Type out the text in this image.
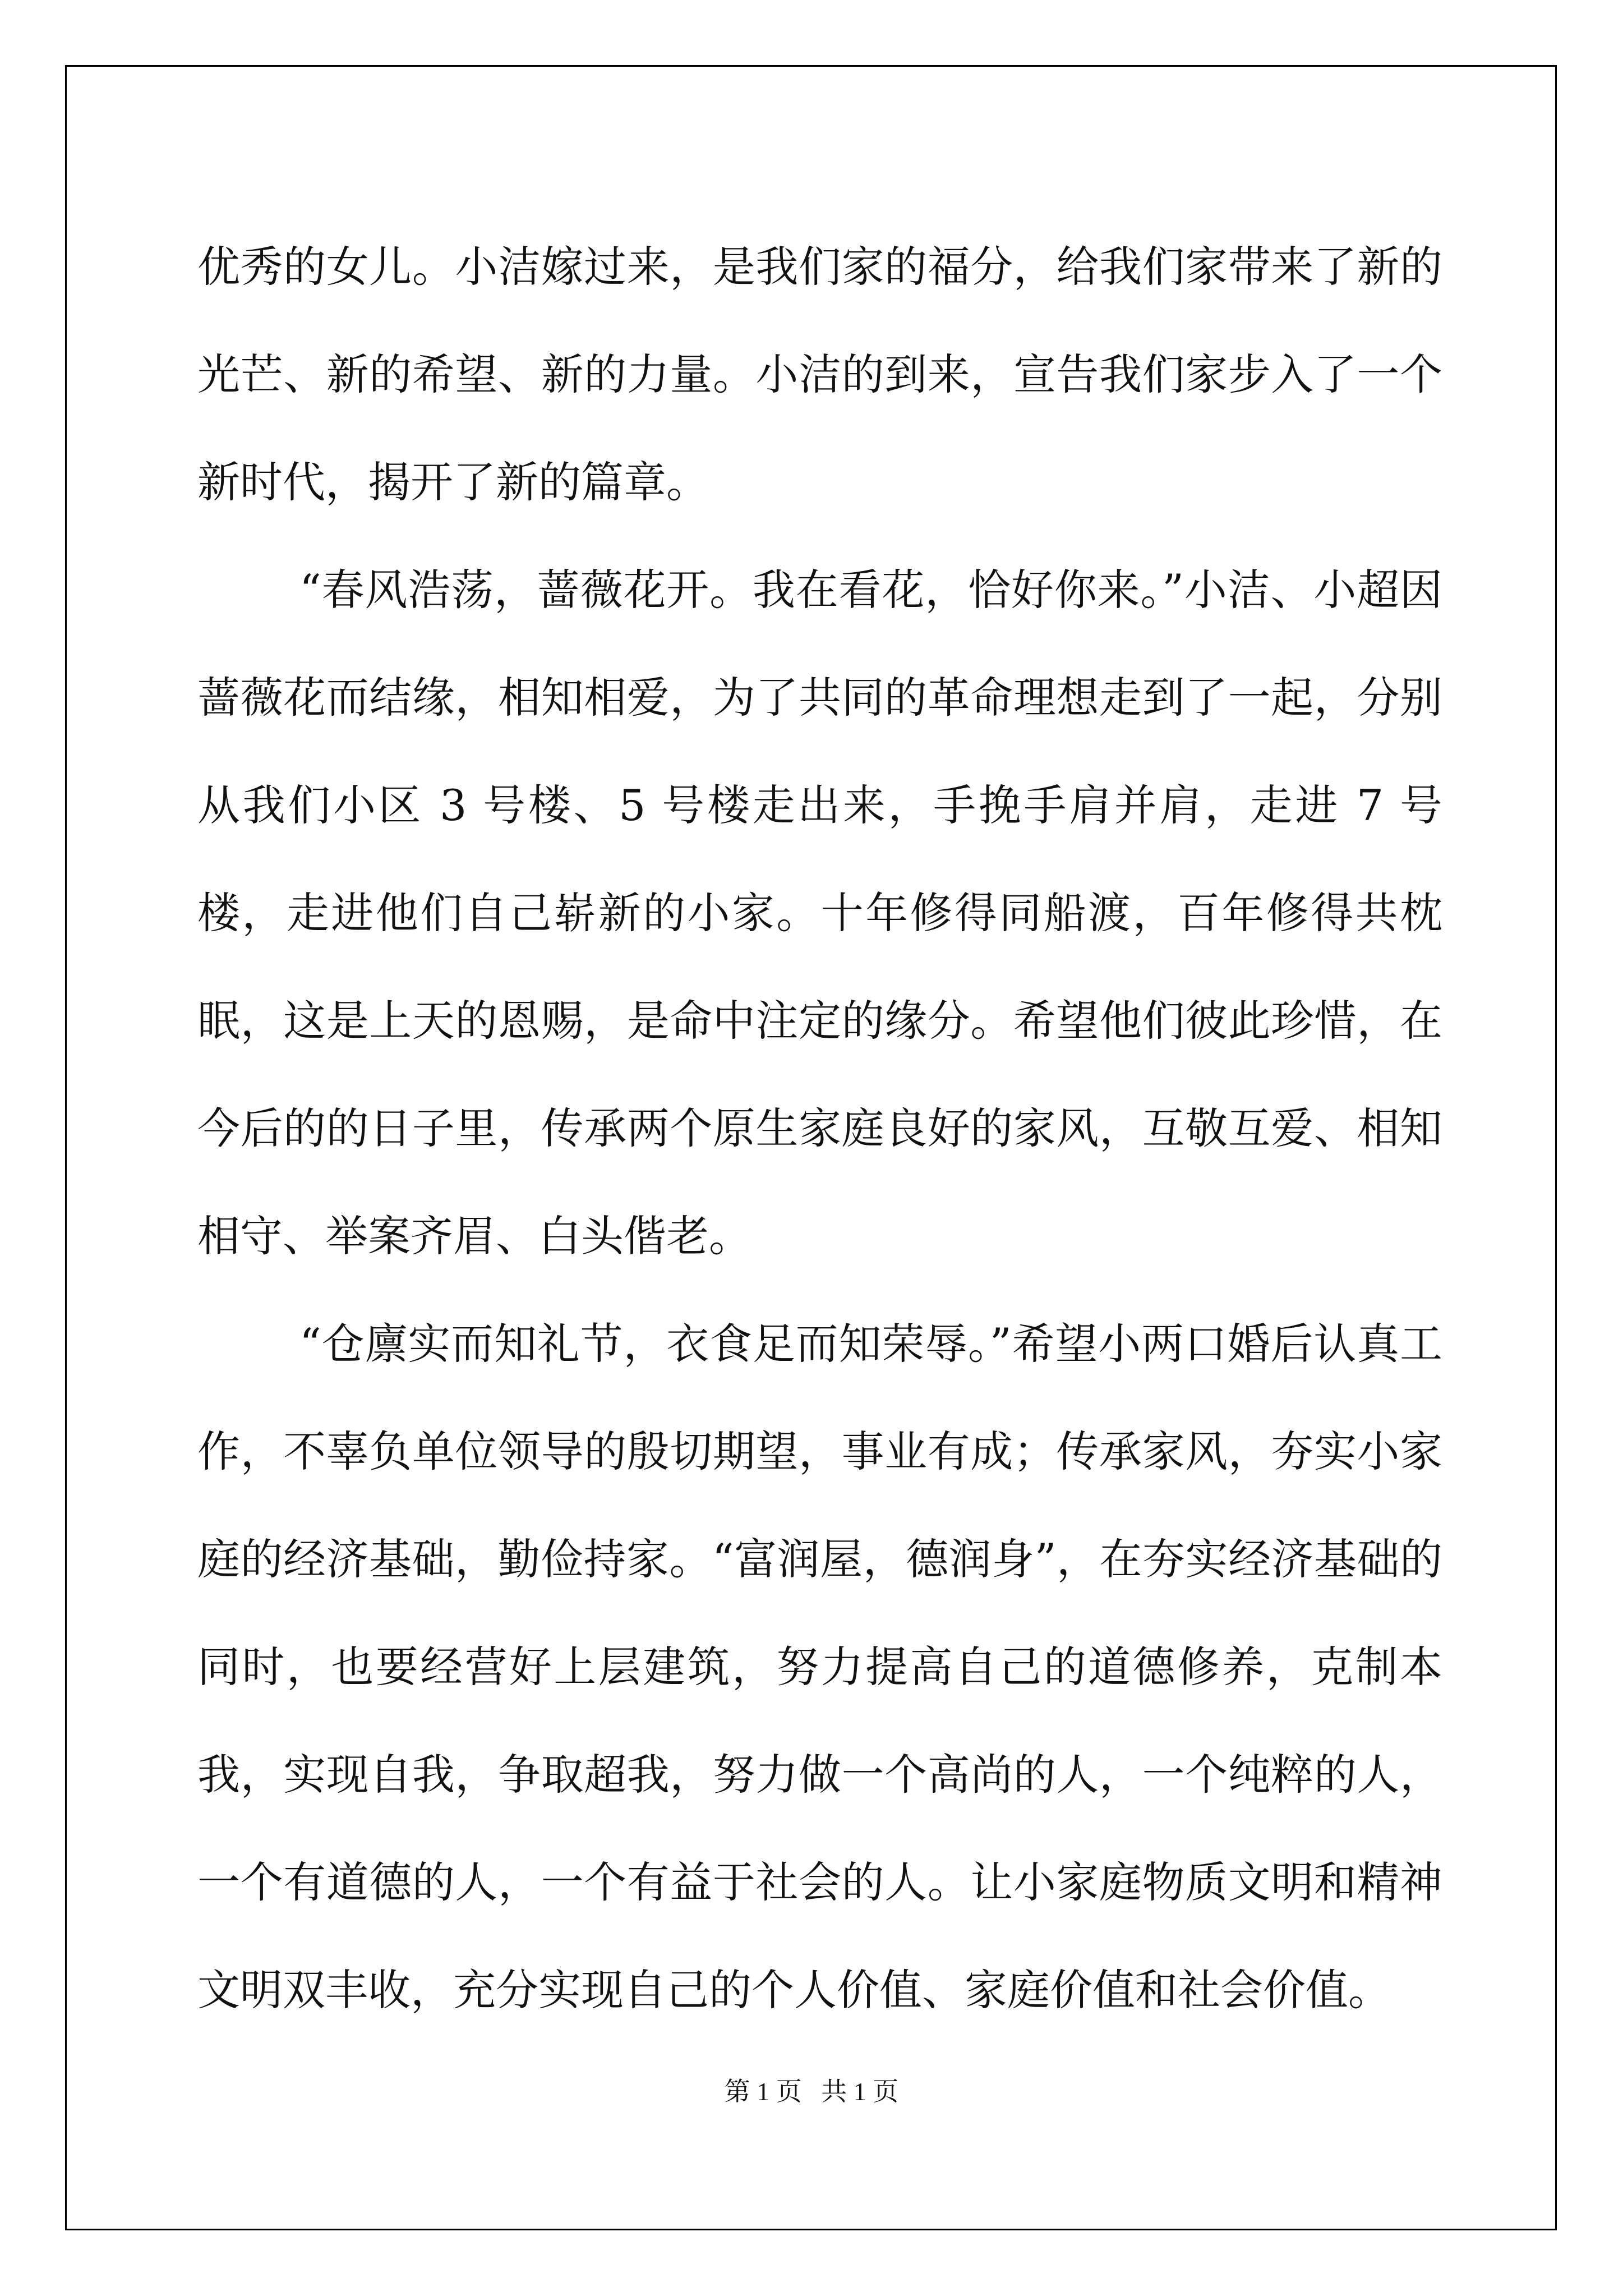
优秀的女儿。小洁嫁过来，是我们家的福分，给我们家带来了新的光芒、新的希望、新的力量。小洁的到来，宣告我们家步入了一个新时代，揭开了新的篇章。

“春风浩荡，蔷薇花开。我在看花，恰好你来。”小洁、小超因蔷薇花而结缘，相知相爱，为了共同的革命理想走到了一起，分别从我们小区 3 号楼、5 号楼走出来，手挽手肩并肩，走进 7 号楼，走进他们自己崭新的小家。十年修得同船渡，百年修得共枕眠，这是上天的恩赐，是命中注定的缘分。希望他们彼此珍惜，在今后的的日子里，传承两个原生家庭良好的家风，互敬互爱、相知相守、举案齐眉、白头偕老。

“仓廪实而知礼节，衣食足而知荣辱。”希望小两口婚后认真工作，不辜负单位领导的殷切期望，事业有成；传承家风，夯实小家庭的经济基础，勤俭持家。“富润屋，德润身”，在夯实经济基础的同时，也要经营好上层建筑，努力提高自己的道德修养，克制本我，实现自我，争取超我，努力做一个高尚的人，一个纯粹的人，一个有道德的人，一个有益于社会的人。让小家庭物质文明和精神文明双丰收，充分实现自己的个人价值、家庭价值和社会价值。

第 1 页   共 1 页
